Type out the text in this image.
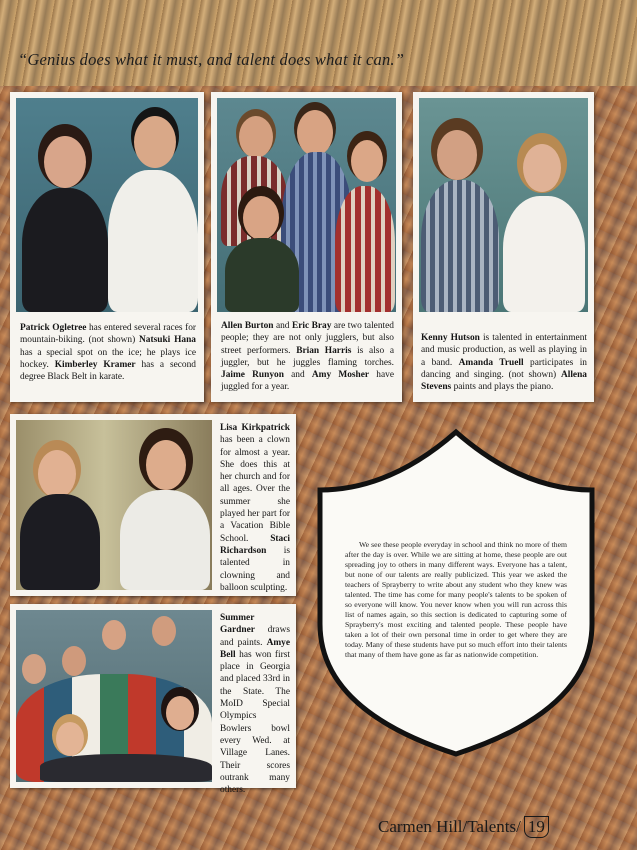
“Genius does what it must, and talent does what it can.”
Patrick Ogletree has entered several races for mountain-biking. (not shown) Natsuki Hana has a special spot on the ice; he plays ice hockey. Kimberley Kramer has a second degree Black Belt in karate.
Allen Burton and Eric Bray are two talented people; they are not only jugglers, but also street performers. Brian Harris is also a juggler, but he juggles flaming torches. Jaime Runyon and Amy Mosher have juggled for a year.
Kenny Hutson is talented in entertainment and music production, as well as playing in a band. Amanda Truell participates in dancing and singing. (not shown) Allena Stevens paints and plays the piano.
Lisa Kirkpatrick has been a clown for almost a year. She does this at her church and for all ages. Over the summer she played her part for a Vacation Bible School. Staci Richardson is talented in clowning and balloon sculpting.
Summer Gardner draws and paints. Amye Bell has won first place in Georgia and placed 33rd in the State. The MoID Special Olympics Bowlers bowl every Wed. at Village Lanes. Their scores outrank many others.
We see these people everyday in school and think no more of them after the day is over. While we are sitting at home, these people are out spreading joy to others in many different ways. Everyone has a talent, but none of our talents are really publicized. This year we asked the teachers of Sprayberry to write about any student who they knew was talented. The time has come for many people's talents to be spoken of so everyone will know. You never know when you will run across this list of names again, so this section is dedicated to capturing some of Sprayberry's most exciting and talented people. These people have taken a lot of their own personal time in order to get where they are today. Many of these students have put so much effort into their talents that many of them have gone as far as nationwide competition.
Carmen Hill/Talents/ 19
